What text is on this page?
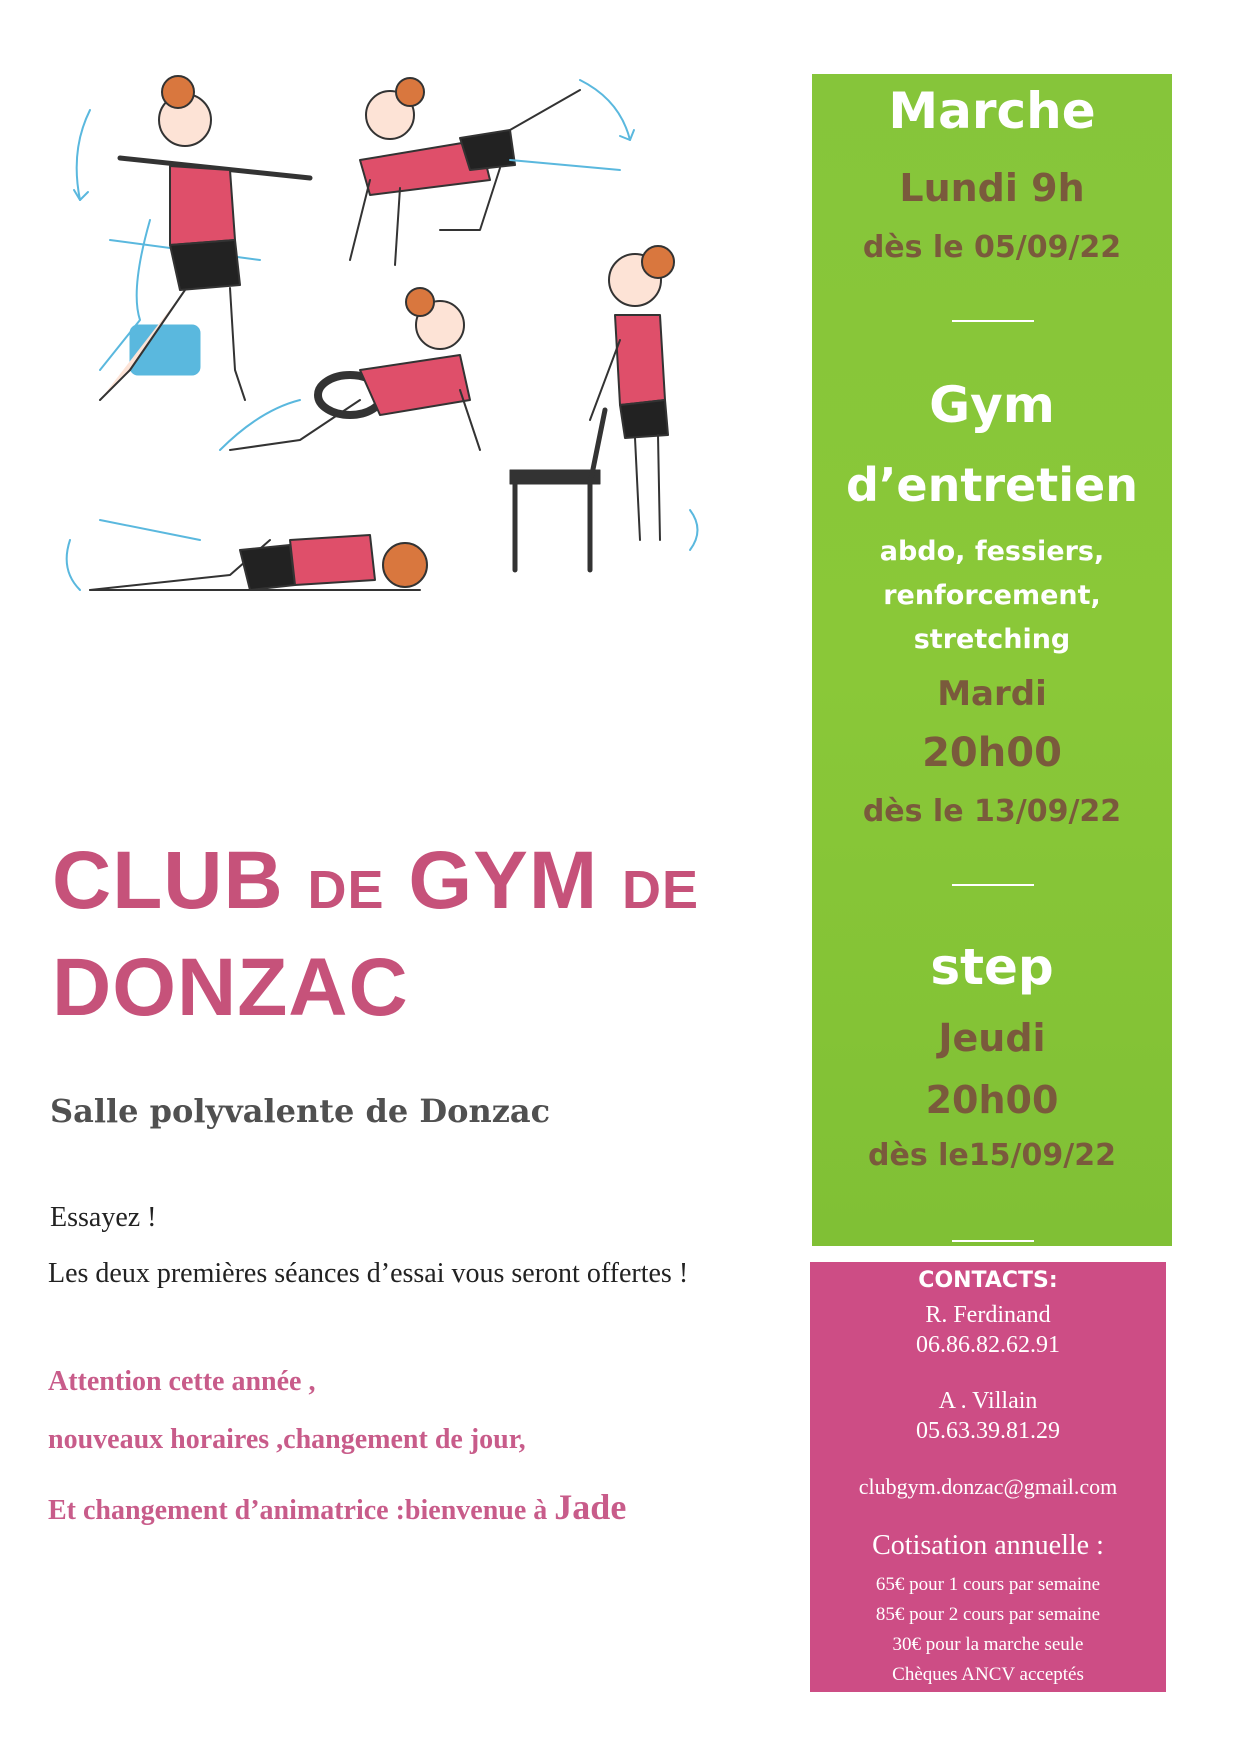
CLUB DE GYM DE
DONZAC
Salle polyvalente de Donzac
Essayez !
Les deux premières séances d’essai vous seront offertes !
Attention cette année ,
nouveaux horaires ,changement de jour,
Et changement d’animatrice :bienvenue à Jade
Marche
Lundi 9h
dès le 05/09/22
Gym
d’entretien
abdo, fessiers,
renforcement,
stretching
Mardi
20h00
dès le 13/09/22
step
Jeudi
20h00
dès le15/09/22
CONTACTS:
R. Ferdinand
06.86.82.62.91
A . Villain
05.63.39.81.29
clubgym.donzac@gmail.com
Cotisation annuelle :
65€ pour 1 cours par semaine
85€ pour 2 cours par semaine
30€ pour la marche seule
Chèques ANCV acceptés
